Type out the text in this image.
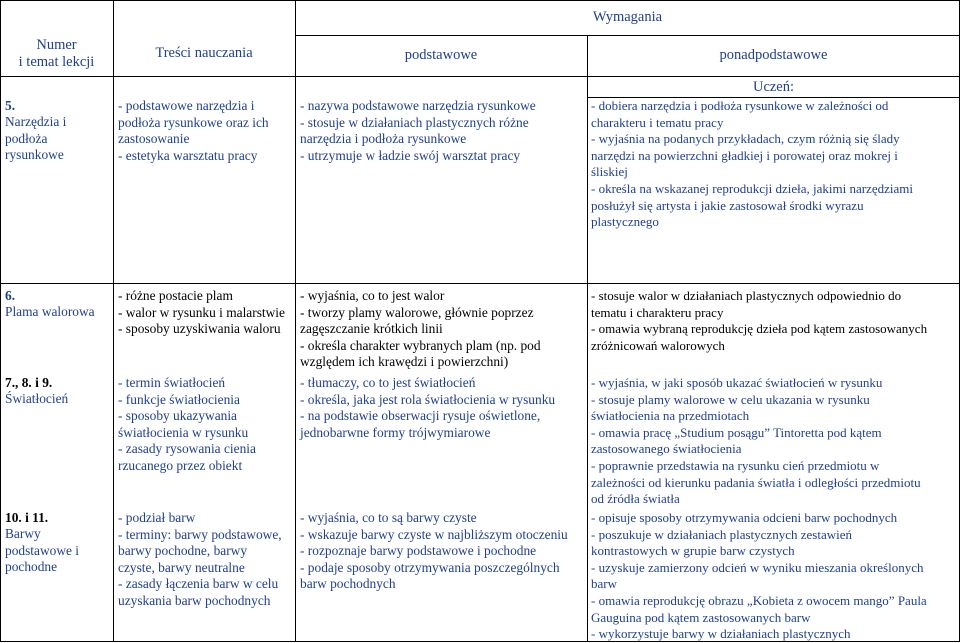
Numer
i temat lekcji
Treści nauczania
Wymagania
podstawowe	ponadpodstawowe
Uczeń:
5.
Narzędzia i
podłoża
rysunkowe
- podstawowe narzędzia i
podłoża rysunkowe oraz ich
zastosowanie
- estetyka warsztatu pracy
- nazywa podstawowe narzędzia rysunkowe
- stosuje w działaniach plastycznych różne
narzędzia i podłoża rysunkowe
- utrzymuje w ładzie swój warsztat pracy
- dobiera narzędzia i podłoża rysunkowe w zależności od
charakteru i tematu pracy
- wyjaśnia na podanych przykładach, czym różnią się ślady
narzędzi na powierzchni gładkiej i porowatej oraz mokrej i
śliskiej
- określa na wskazanej reprodukcji dzieła, jakimi narzędziami
posłużył się artysta i jakie zastosował środki wyrazu
plastycznego
6.
Plama walorowa
- różne postacie plam
- walor w rysunku i malarstwie
- sposoby uzyskiwania waloru
- wyjaśnia, co to jest walor
- tworzy plamy walorowe, głównie poprzez
zagęszczanie krótkich linii
- określa charakter wybranych plam (np. pod
względem ich krawędzi i powierzchni)
- stosuje walor w działaniach plastycznych odpowiednio do
tematu i charakteru pracy
- omawia wybraną reprodukcję dzieła pod kątem zastosowanych
zróżnicowań walorowych
7., 8. i 9.
Światłocień
- termin światłocień
- funkcje światłocienia
- sposoby ukazywania
światłocienia w rysunku
- zasady rysowania cienia
rzucanego przez obiekt
- tłumaczy, co to jest światłocień
- określa, jaka jest rola światłocienia w rysunku
- na podstawie obserwacji rysuje oświetlone,
jednobarwne formy trójwymiarowe
- wyjaśnia, w jaki sposób ukazać światłocień w rysunku
- stosuje plamy walorowe w celu ukazania w rysunku
światłocienia na przedmiotach
- omawia pracę „Studium posągu” Tintoretta pod kątem
zastosowanego światłocienia
- poprawnie przedstawia na rysunku cień przedmiotu w
zależności od kierunku padania światła i odległości przedmiotu
od źródła światła
10. i 11.
Barwy
podstawowe i
pochodne
- podział barw
- terminy: barwy podstawowe,
barwy pochodne, barwy
czyste, barwy neutralne
- zasady łączenia barw w celu
uzyskania barw pochodnych
- wyjaśnia, co to są barwy czyste
- wskazuje barwy czyste w najbliższym otoczeniu
- rozpoznaje barwy podstawowe i pochodne
- podaje sposoby otrzymywania poszczególnych
barw pochodnych
- opisuje sposoby otrzymywania odcieni barw pochodnych
- poszukuje w działaniach plastycznych zestawień
kontrastowych w grupie barw czystych
- uzyskuje zamierzony odcień w wyniku mieszania określonych
barw
- omawia reprodukcję obrazu „Kobieta z owocem mango” Paula
Gauguina pod kątem zastosowanych barw
- wykorzystuje barwy w działaniach plastycznych
